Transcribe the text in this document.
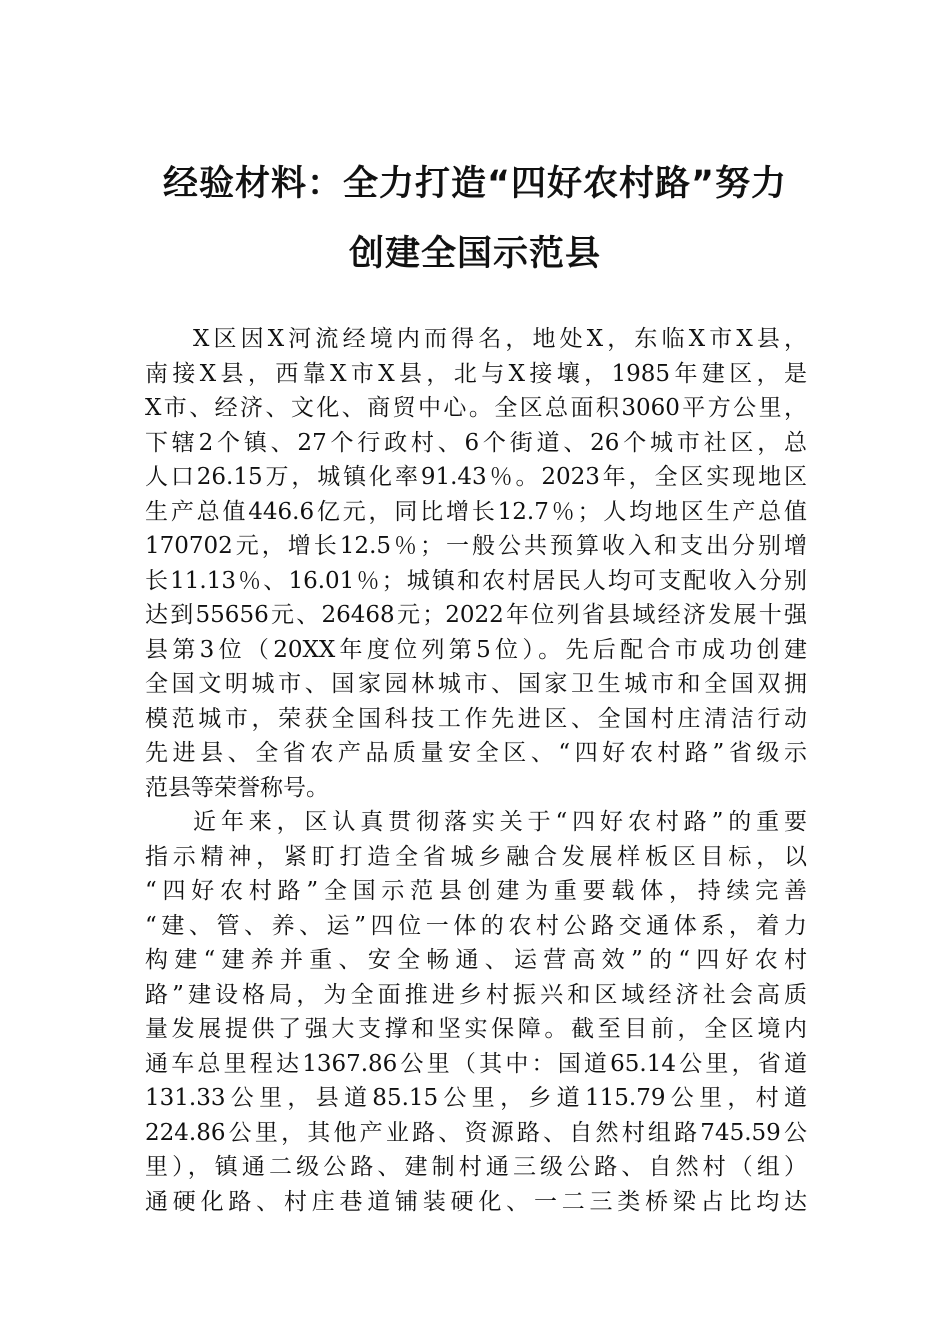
经验材料：全力打造“四好农村路”努力
创建全国示范县

X区因X河流经境内而得名，地处X，东临X市X县，
南接X县，西靠X市X县，北与X接壤，1985年建区，是
X市、经济、文化、商贸中心。全区总面积3060平方公里，
下辖2个镇、27个行政村、6个街道、26个城市社区，总
人口26.15万，城镇化率91.43％。2023年，全区实现地区
生产总值446.6亿元，同比增长12.7％；人均地区生产总值
170702元，增长12.5％；一般公共预算收入和支出分别增
长11.13％、16.01％；城镇和农村居民人均可支配收入分别
达到55656元、26468元；2022年位列省县域经济发展十强
县第3位（20XX年度位列第5位）。先后配合市成功创建
全国文明城市、国家园林城市、国家卫生城市和全国双拥
模范城市，荣获全国科技工作先进区、全国村庄清洁行动
先进县、全省农产品质量安全区、“四好农村路”省级示
范县等荣誉称号。

近年来，区认真贯彻落实关于“四好农村路”的重要
指示精神，紧盯打造全省城乡融合发展样板区目标，以
“四好农村路”全国示范县创建为重要载体，持续完善
“建、管、养、运”四位一体的农村公路交通体系，着力
构建“建养并重、安全畅通、运营高效”的“四好农村
路”建设格局，为全面推进乡村振兴和区域经济社会高质
量发展提供了强大支撑和坚实保障。截至目前，全区境内
通车总里程达1367.86公里（其中：国道65.14公里，省道
131.33公里，县道85.15公里，乡道115.79公里，村道
224.86公里，其他产业路、资源路、自然村组路745.59公
里），镇通二级公路、建制村通三级公路、自然村（组）
通硬化路、村庄巷道铺装硬化、一二三类桥梁占比均达
